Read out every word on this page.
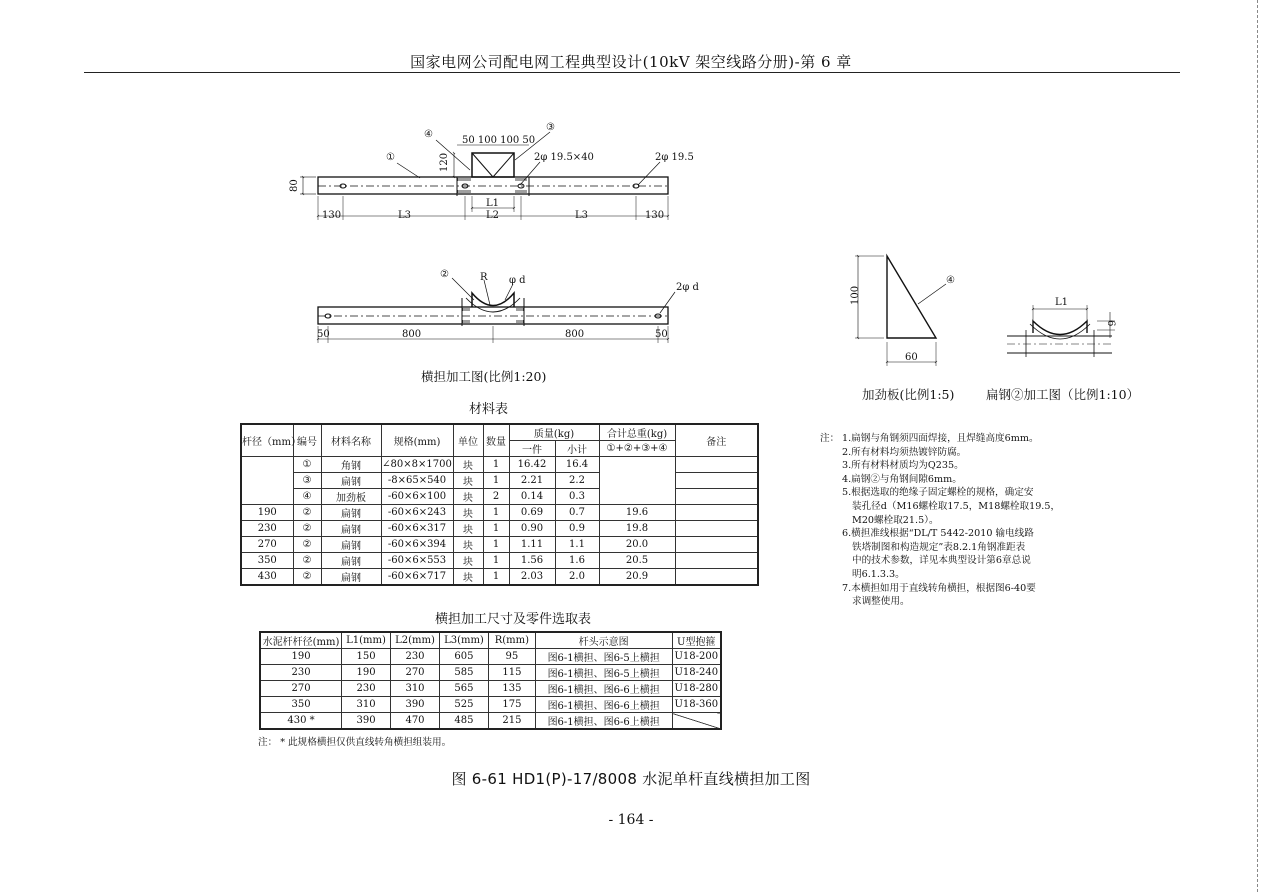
国家电网公司配电网工程典型设计(10kV 架空线路分册)-第 6 章
①
④
③
50 100 100 50
2φ 19.5×40	2φ 19.5
120
80
130	L3
L1
L2	L3	130
②	R φ d
2φ d
50	800	800	50
横担加工图(比例1:20)
④
100
60
加劲板(比例1:5)
L1
6
扁钢②加工图（比例1:10）
材料表
横担加工尺寸及零件选取表
杆径（mm）	编号	材料名称	规格(mm)	单位	数量	质量(kg)		合计总重(kg)	备注
						一件	小计	①+②+③+④	
	①	角钢	∠80×8×1700	块	1	16.42	16.4		
	③	扁钢	-8×65×540	块	1	2.21	2.2		
	④	加劲板	-60×6×100	块	2	0.14	0.3		
190	②	扁钢	-60×6×243	块	1	0.69	0.7	19.6	
230	②	扁钢	-60×6×317	块	1	0.90	0.9	19.8	
270	②	扁钢	-60×6×394	块	1	1.11	1.1	20.0	
350	②	扁钢	-60×6×553	块	1	1.56	1.6	20.5	
430	②	扁钢	-60×6×717	块	1	2.03	2.0	20.9	
水泥杆杆径(mm)	L1(mm)	L2(mm)	L3(mm)	R(mm)	杆头示意图	U型抱箍
190	150	230	605	95	图6-1横担、图6-5上横担	U18-200
230	190	270	585	115	图6-1横担、图6-5上横担	U18-240
270	230	310	565	135	图6-1横担、图6-6上横担	U18-280
350	310	390	525	175	图6-1横担、图6-6上横担	U18-360
430 *	390	470	485	215	图6-1横担、图6-6上横担	
注： * 此规格横担仅供直线转角横担组装用。
注： 1.扁钢与角钢须四面焊接，且焊缝高度6mm。
2.所有材料均须热镀锌防腐。
3.所有材料材质均为Q235。
4.扁钢②与角钢间隙6mm。
5.根据选取的绝缘子固定螺栓的规格，确定安
装孔径d（M16螺栓取17.5，M18螺栓取19.5，
M20螺栓取21.5）。
6.横担准线根据“DL/T 5442-2010 输电线路
铁塔制图和构造规定”表8.2.1角钢准距表
中的技术参数，详见本典型设计第6章总说
明6.1.3.3。
7.本横担如用于直线转角横担，根据图6-40要
求调整使用。
图 6-61 HD1(P)-17/8008 水泥单杆直线横担加工图
- 164 -
